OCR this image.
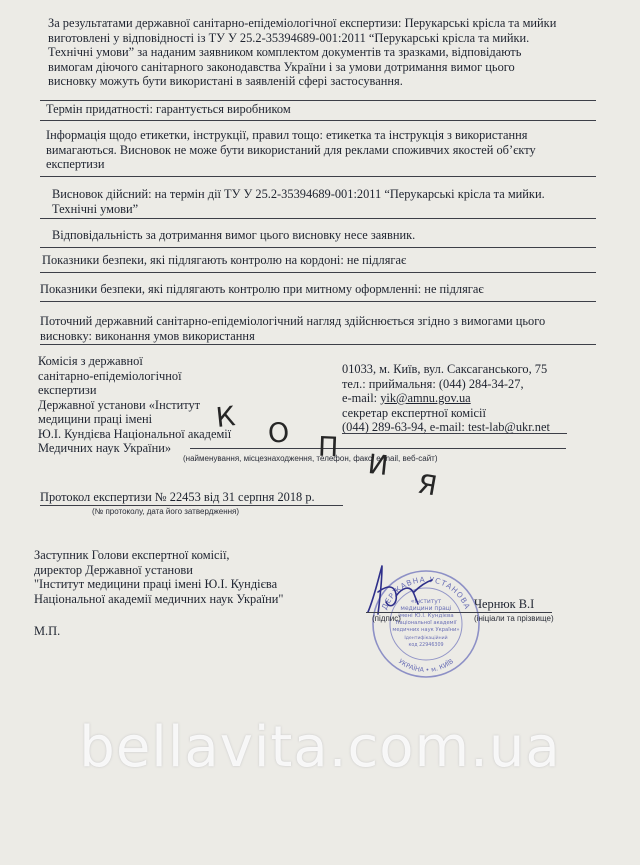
За результатами державної санітарно-епідеміологічної експертизи: Перукарські крісла та мийки
виготовлені у відповідності із ТУ У 25.2-35394689-001:2011 “Перукарські крісла та мийки.
Технічні умови” за наданим заявником комплектом документів та зразками, відповідають
вимогам діючого санітарного законодавства України і за умови дотримання вимог цього
висновку можуть бути використані в заявленій сфері застосування.
Термін придатності: гарантується виробником
Інформація щодо етикетки, інструкції, правил тощо: етикетка та інструкція з використання
вимагаються. Висновок не може бути використаний для реклами споживчих якостей об’єкту
експертизи
Висновок дійсний: на термін дії ТУ У 25.2-35394689-001:2011 “Перукарські крісла та мийки.
Технічні умови”
Відповідальність за дотримання вимог цього висновку несе заявник.
Показники безпеки, які підлягають контролю на кордоні: не підлягає
Показники безпеки, які підлягають контролю при митному оформленні: не підлягає
Поточний державний санітарно-епідеміологічний нагляд здійснюється згідно з вимогами цього
висновку: виконання умов використання
Комісія з державної
санітарно-епідеміологічної
експертизи
Державної установи «Інститут
медицини праці імені
Ю.І. Кундієва Національної академії
Медичних наук України»
01033, м. Київ, вул. Саксаганського, 75
тел.: приймальня: (044) 284-34-27,
e-mail: yik@amnu.gov.ua
секретар експертної комісії
(044) 289-63-94, e-mail: test-lab@ukr.net
(найменування, місцезнаходження, телефон, факс, e-mail, веб-сайт)
К О П
И
Я
Протокол експертизи № 22453 від 31 серпня 2018 р.
(№ протоколу, дата його затвердження)
Заступник Голови експертної комісії,
директор Державної установи
"Інститут медицини праці імені Ю.І. Кундієва
Національної академії медичних наук України"
ДЕРЖАВНА УСТАНОВА
УКРАЇНА • м. КИЇВ
«Інститут
медицини праці
імені Ю.І. Кундієва
Національної академії
медичних наук України»
Ідентифікаційний
код 22946309
(підпис)
Чернюк В.І
(ініціали та прізвище)
М.П.
bellavita.com.ua
